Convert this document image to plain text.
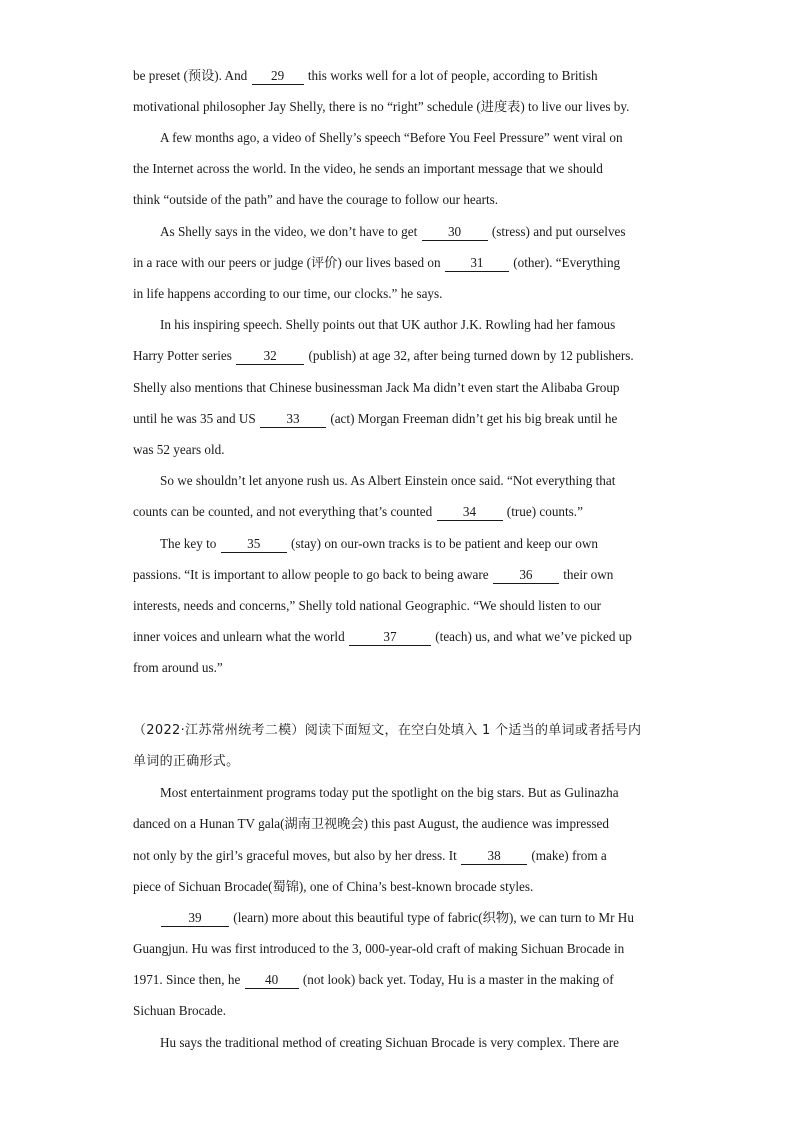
be preset (预设). And 29 this works well for a lot of people, according to British
motivational philosopher Jay Shelly, there is no “right” schedule (进度表) to live our lives by.
A few months ago, a video of Shelly’s speech “Before You Feel Pressure” went viral on
the Internet across the world. In the video, he sends an important message that we should
think “outside of the path” and have the courage to follow our hearts.
As Shelly says in the video, we don’t have to get 30 (stress) and put ourselves
in a race with our peers or judge (评价) our lives based on 31 (other). “Everything
in life happens according to our time, our clocks.” he says.
In his inspiring speech. Shelly points out that UK author J.K. Rowling had her famous
Harry Potter series 32 (publish) at age 32, after being turned down by 12 publishers.
Shelly also mentions that Chinese businessman Jack Ma didn’t even start the Alibaba Group
until he was 35 and US 33 (act) Morgan Freeman didn’t get his big break until he
was 52 years old.
So we shouldn’t let anyone rush us. As Albert Einstein once said. “Not everything that
counts can be counted, and not everything that’s counted 34 (true) counts.”
The key to 35 (stay) on our-own tracks is to be patient and keep our own
passions. “It is important to allow people to go back to being aware 36 their own
interests, needs and concerns,” Shelly told national Geographic. “We should listen to our
inner voices and unlearn what the world	37	(teach) us, and what we’ve picked up
from around us.”
（2022·江苏常州统考二模）阅读下面短文，在空白处填入 1 个适当的单词或者括号内
单词的正确形式。
Most entertainment programs today put the spotlight on the big stars. But as Gulinazha
danced on a Hunan TV gala(湖南卫视晚会) this past August, the audience was impressed
not only by the girl’s graceful moves, but also by her dress. It 38 (make) from a
piece of Sichuan Brocade(蜀锦), one of China’s best-known brocade styles.
39 (learn) more about this beautiful type of fabric(织物), we can turn to Mr Hu
Guangjun. Hu was first introduced to the 3, 000-year-old craft of making Sichuan Brocade in
1971. Since then, he 40 (not look) back yet. Today, Hu is a master in the making of
Sichuan Brocade.
Hu says the traditional method of creating Sichuan Brocade is very complex. There are
